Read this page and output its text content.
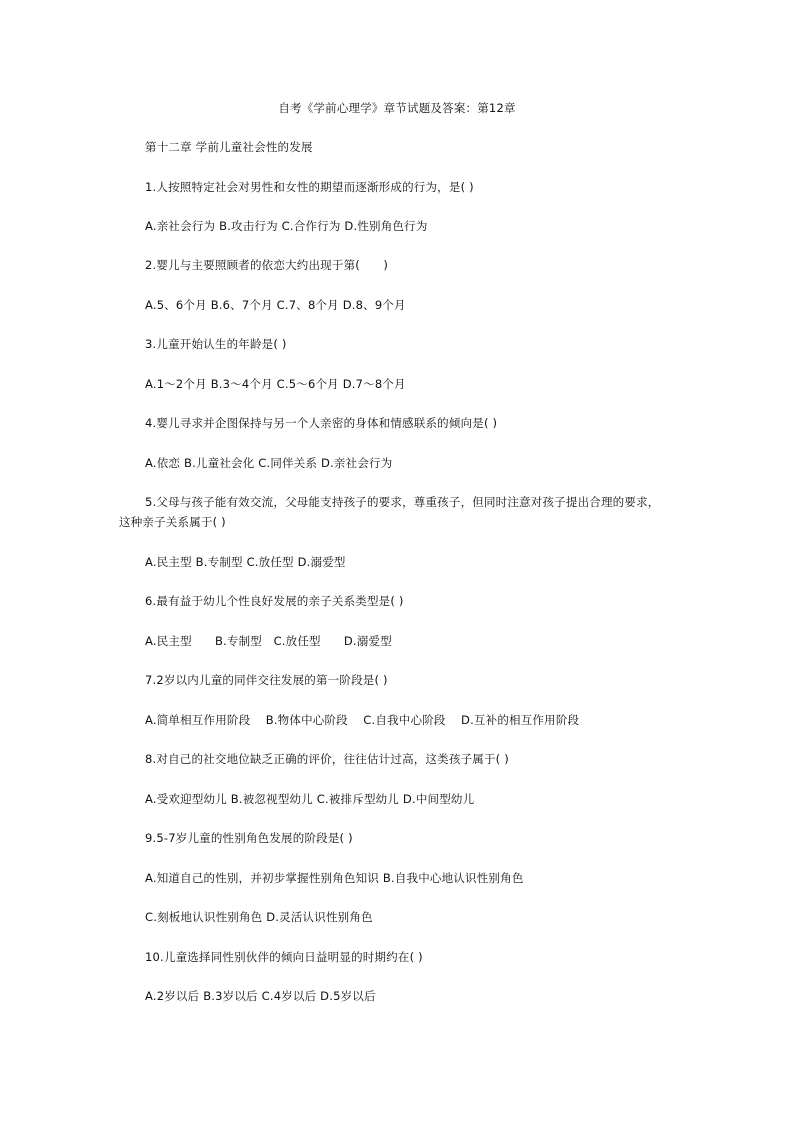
自考《学前心理学》章节试题及答案：第12章
第十二章 学前儿童社会性的发展
1.人按照特定社会对男性和女性的期望而逐渐形成的行为，是( )
A.亲社会行为 B.攻击行为 C.合作行为 D.性别角色行为
2.婴儿与主要照顾者的依恋大约出现于第(　　)
A.5、6个月 B.6、7个月 C.7、8个月 D.8、9个月
3.儿童开始认生的年龄是( )
A.1～2个月 B.3～4个月 C.5～6个月 D.7～8个月
4.婴儿寻求并企图保持与另一个人亲密的身体和情感联系的倾向是( )
A.依恋 B.儿童社会化 C.同伴关系 D.亲社会行为
5.父母与孩子能有效交流，父母能支持孩子的要求，尊重孩子，但同时注意对孩子提出合理的要求，
这种亲子关系属于( )
A.民主型 B.专制型 C.放任型 D.溺爱型
6.最有益于幼儿个性良好发展的亲子关系类型是( )
A.民主型      B.专制型   C.放任型      D.溺爱型
7.2岁以内儿童的同伴交往发展的第一阶段是( )
A.简单相互作用阶段    B.物体中心阶段    C.自我中心阶段    D.互补的相互作用阶段
8.对自己的社交地位缺乏正确的评价，往往估计过高，这类孩子属于( )
A.受欢迎型幼儿 B.被忽视型幼儿 C.被排斥型幼儿 D.中间型幼儿
9.5-7岁儿童的性别角色发展的阶段是( )
A.知道自己的性别，并初步掌握性别角色知识 B.自我中心地认识性别角色
C.刻板地认识性别角色 D.灵活认识性别角色
10.儿童选择同性别伙伴的倾向日益明显的时期约在( )
A.2岁以后 B.3岁以后 C.4岁以后 D.5岁以后
